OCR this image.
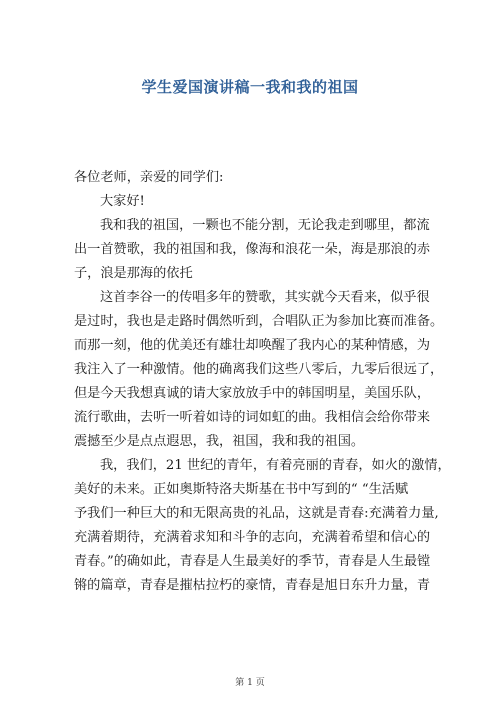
学生爱国演讲稿一我和我的祖国

各位老师，亲爱的同学们:

大家好!

我和我的祖国，一颗也不能分割，无论我走到哪里，都流
出一首赞歌，我的祖国和我，像海和浪花一朵，海是那浪的赤
子，浪是那海的依托

这首李谷一的传唱多年的赞歌，其实就今天看来，似乎很
是过时，我也是走路时偶然听到，合唱队正为参加比赛而准备。
而那一刻，他的优美还有雄壮却唤醒了我内心的某种情感，为
我注入了一种激情。他的确离我们这些八零后，九零后很远了，
但是今天我想真诚的请大家放放手中的韩国明星，美国乐队，
流行歌曲，去听一听着如诗的词如虹的曲。我相信会给你带来
震撼至少是点点遐思，我，祖国，我和我的祖国。

我，我们，21 世纪的青年，有着亮丽的青春，如火的激情，
美好的未来。正如奥斯特洛夫斯基在书中写到的“ “生活赋
予我们一种巨大的和无限高贵的礼品，这就是青春:充满着力量,
充满着期待，充满着求知和斗争的志向，充满着希望和信心的
青春。”的确如此，青春是人生最美好的季节，青春是人生最镗
锵的篇章，青春是摧枯拉朽的豪情，青春是旭日东升力量，青

第 1 页
